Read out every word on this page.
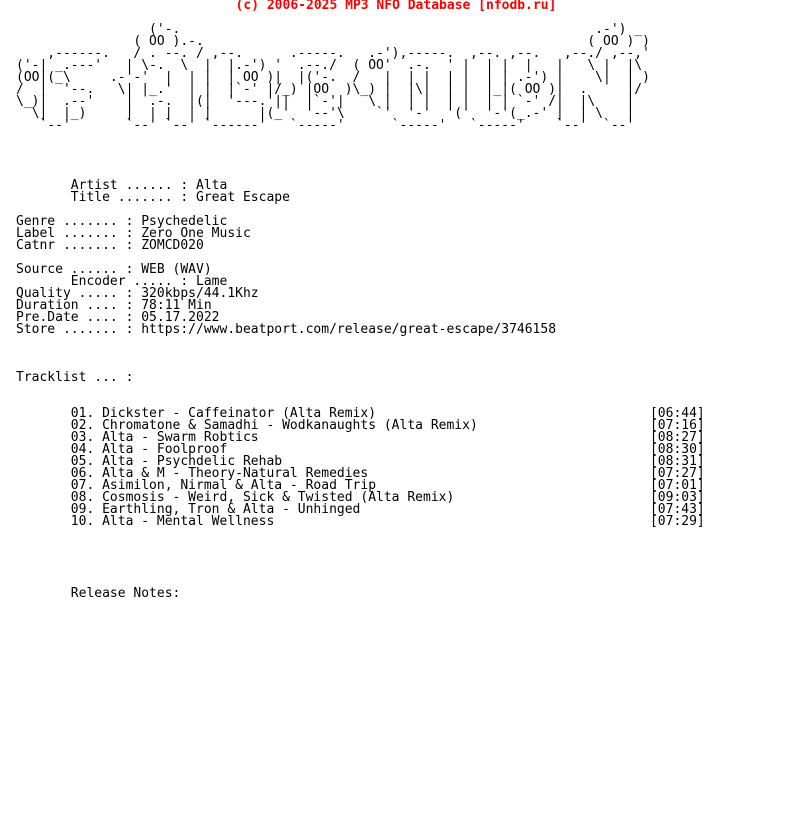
(c) 2006-2025 MP3 NFO Database [nfodb.ru]
('-.                                                     .-') _
( OO ).-.                                                 ( OO ) )
,------.   / . --. / ,--.      .-----.   .-'),-----.  ,--. ,--.   ,--./ ,--,'
('-| _.---'   | \-.  \  |  |.-') '  .--./  ( OO'  .-.  ' |  | |  |   |   \ |  |\
(OO|(_\     .-'-'  |  | |  | OO )|  |('-.  /   |  | |  | |  | | .-') |    \|  | )
/  |  '--.   \| |_.'  | |  |`-' |/_) |OO  )\_) |  |\|  | |  |_|( OO )|  .     |/
\_)|  .--'    |  .-.  |(|  '---.'||  |`-'|   \ |  | |  | |  | | `-' /|  |\    |
\|  |_)     |  | |  | |      |(_'  '--'\    `'  '-'  '('  '-'(_.-' |  | \   |
`--'       `--' `--' `------'   `-----'      `-----'   `-----'    `--'  `--'
Artist ...... : Alta
Title ....... : Great Escape
Genre ....... : Psychedelic
Label ....... : Zero One Music
Catnr ....... : ZOMCD020
Source ...... : WEB (WAV)
Encoder ..... : Lame
Quality ..... : 320kbps/44.1Khz
Duration .... : 78:11 Min
Pre.Date .... : 05.17.2022
Store ....... : https://www.beatport.com/release/great-escape/3746158
Tracklist ... :
01. Dickster - Caffeinator (Alta Remix)                                   [06:44]
02. Chromatone & Samadhi - Wodkanaughts (Alta Remix)                      [07:16]
03. Alta - Swarm Robtics                                                  [08:27]
04. Alta - Foolproof                                                      [08:30]
05. Alta - Psychdelic Rehab                                               [08:31]
06. Alta & M - Theory-Natural Remedies                                    [07:27]
07. Asimilon, Nirmal & Alta - Road Trip                                   [07:01]
08. Cosmosis - Weird, Sick & Twisted (Alta Remix)                         [09:03]
09. Earthling, Tron & Alta - Unhinged                                     [07:43]
10. Alta - Mental Wellness                                                [07:29]
Release Notes:
